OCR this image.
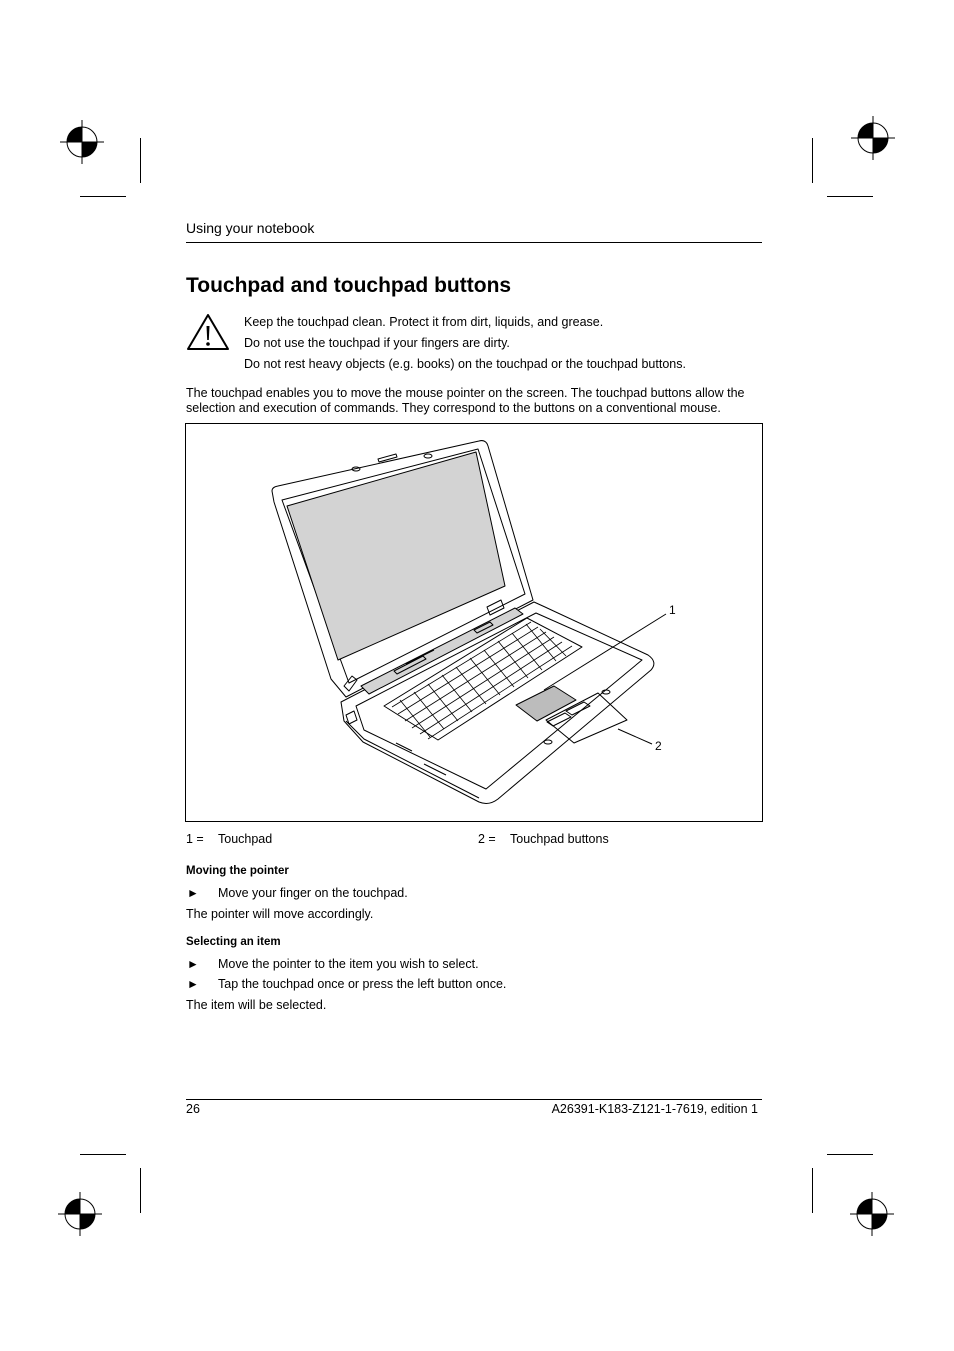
Using your notebook
Touchpad and touchpad buttons
Keep the touchpad clean. Protect it from dirt, liquids, and grease.
Do not use the touchpad if your fingers are dirty.
Do not rest heavy objects (e.g. books) on the touchpad or the touchpad buttons.
The touchpad enables you to move the mouse pointer on the screen. The touchpad buttons allow the
selection and execution of commands. They correspond to the buttons on a conventional mouse.
1
2
1 = Touchpad	2 = Touchpad buttons
Moving the pointer
► Move your finger on the touchpad.
The pointer will move accordingly.
Selecting an item
► Move the pointer to the item you wish to select.
► Tap the touchpad once or press the left button once.
The item will be selected.
26	A26391-K183-Z121-1-7619, edition 1
